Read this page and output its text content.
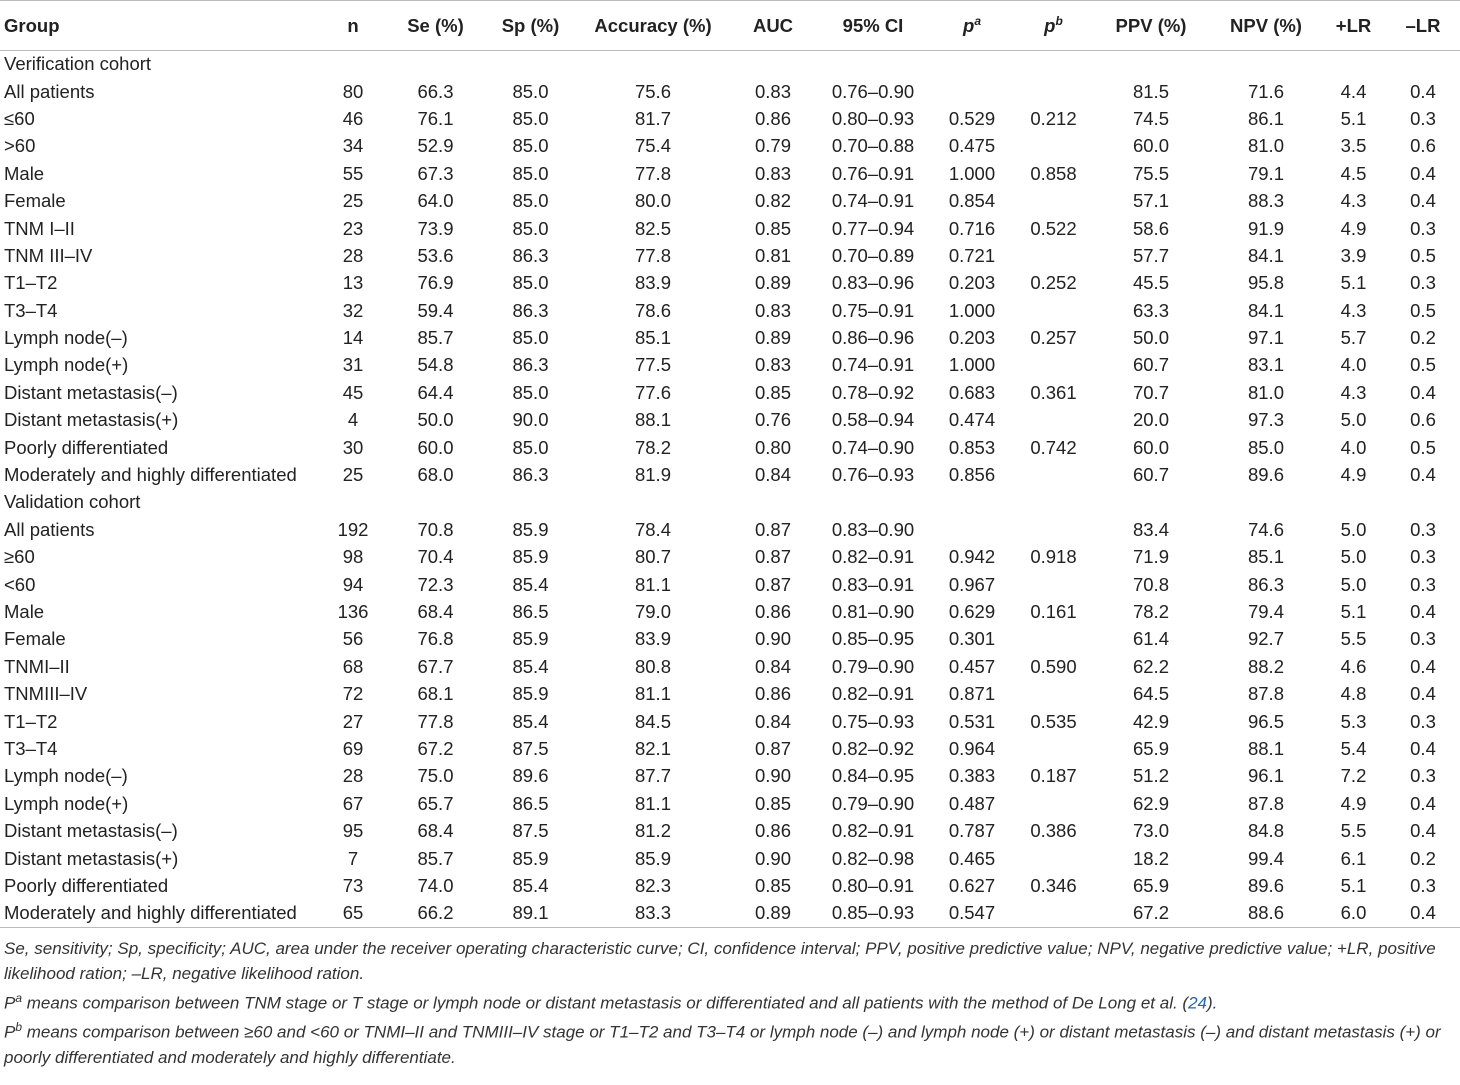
Group	n	Se (%)	Sp (%)	Accuracy (%)	AUC	95% CI	$p^a$	$p^b$	PPV (%)	NPV (%)	+LR	–LR
Verification cohort												
All patients	80	66.3	85.0	75.6	0.83	0.76–0.90			81.5	71.6	4.4	0.4
≤60	46	76.1	85.0	81.7	0.86	0.80–0.93	0.529	0.212	74.5	86.1	5.1	0.3
>60	34	52.9	85.0	75.4	0.79	0.70–0.88	0.475		60.0	81.0	3.5	0.6
Male	55	67.3	85.0	77.8	0.83	0.76–0.91	1.000	0.858	75.5	79.1	4.5	0.4
Female	25	64.0	85.0	80.0	0.82	0.74–0.91	0.854		57.1	88.3	4.3	0.4
TNM I–II	23	73.9	85.0	82.5	0.85	0.77–0.94	0.716	0.522	58.6	91.9	4.9	0.3
TNM III–IV	28	53.6	86.3	77.8	0.81	0.70–0.89	0.721		57.7	84.1	3.9	0.5
T1–T2	13	76.9	85.0	83.9	0.89	0.83–0.96	0.203	0.252	45.5	95.8	5.1	0.3
T3–T4	32	59.4	86.3	78.6	0.83	0.75–0.91	1.000		63.3	84.1	4.3	0.5
Lymph node(–)	14	85.7	85.0	85.1	0.89	0.86–0.96	0.203	0.257	50.0	97.1	5.7	0.2
Lymph node(+)	31	54.8	86.3	77.5	0.83	0.74–0.91	1.000		60.7	83.1	4.0	0.5
Distant metastasis(–)	45	64.4	85.0	77.6	0.85	0.78–0.92	0.683	0.361	70.7	81.0	4.3	0.4
Distant metastasis(+)	4	50.0	90.0	88.1	0.76	0.58–0.94	0.474		20.0	97.3	5.0	0.6
Poorly differentiated	30	60.0	85.0	78.2	0.80	0.74–0.90	0.853	0.742	60.0	85.0	4.0	0.5
Moderately and highly differentiated	25	68.0	86.3	81.9	0.84	0.76–0.93	0.856		60.7	89.6	4.9	0.4
Validation cohort												
All patients	192	70.8	85.9	78.4	0.87	0.83–0.90			83.4	74.6	5.0	0.3
≥60	98	70.4	85.9	80.7	0.87	0.82–0.91	0.942	0.918	71.9	85.1	5.0	0.3
<60	94	72.3	85.4	81.1	0.87	0.83–0.91	0.967		70.8	86.3	5.0	0.3
Male	136	68.4	86.5	79.0	0.86	0.81–0.90	0.629	0.161	78.2	79.4	5.1	0.4
Female	56	76.8	85.9	83.9	0.90	0.85–0.95	0.301		61.4	92.7	5.5	0.3
TNMI–II	68	67.7	85.4	80.8	0.84	0.79–0.90	0.457	0.590	62.2	88.2	4.6	0.4
TNMIII–IV	72	68.1	85.9	81.1	0.86	0.82–0.91	0.871		64.5	87.8	4.8	0.4
T1–T2	27	77.8	85.4	84.5	0.84	0.75–0.93	0.531	0.535	42.9	96.5	5.3	0.3
T3–T4	69	67.2	87.5	82.1	0.87	0.82–0.92	0.964		65.9	88.1	5.4	0.4
Lymph node(–)	28	75.0	89.6	87.7	0.90	0.84–0.95	0.383	0.187	51.2	96.1	7.2	0.3
Lymph node(+)	67	65.7	86.5	81.1	0.85	0.79–0.90	0.487		62.9	87.8	4.9	0.4
Distant metastasis(–)	95	68.4	87.5	81.2	0.86	0.82–0.91	0.787	0.386	73.0	84.8	5.5	0.4
Distant metastasis(+)	7	85.7	85.9	85.9	0.90	0.82–0.98	0.465		18.2	99.4	6.1	0.2
Poorly differentiated	73	74.0	85.4	82.3	0.85	0.80–0.91	0.627	0.346	65.9	89.6	5.1	0.3
Moderately and highly differentiated	65	66.2	89.1	83.3	0.89	0.85–0.93	0.547		67.2	88.6	6.0	0.4

Se, sensitivity; Sp, specificity; AUC, area under the receiver operating characteristic curve; CI, confidence interval; PPV, positive predictive value; NPV, negative predictive value; +LR, positive likelihood ration; –LR, negative likelihood ration.

$P^a$ means comparison between TNM stage or T stage or lymph node or distant metastasis or differentiated and all patients with the method of De Long et al. (24).

$P^b$ means comparison between ≥60 and <60 or TNMI–II and TNMIII–IV stage or T1–T2 and T3–T4 or lymph node (–) and lymph node (+) or distant metastasis (–) and distant metastasis (+) or poorly differentiated and moderately and highly differentiate.
